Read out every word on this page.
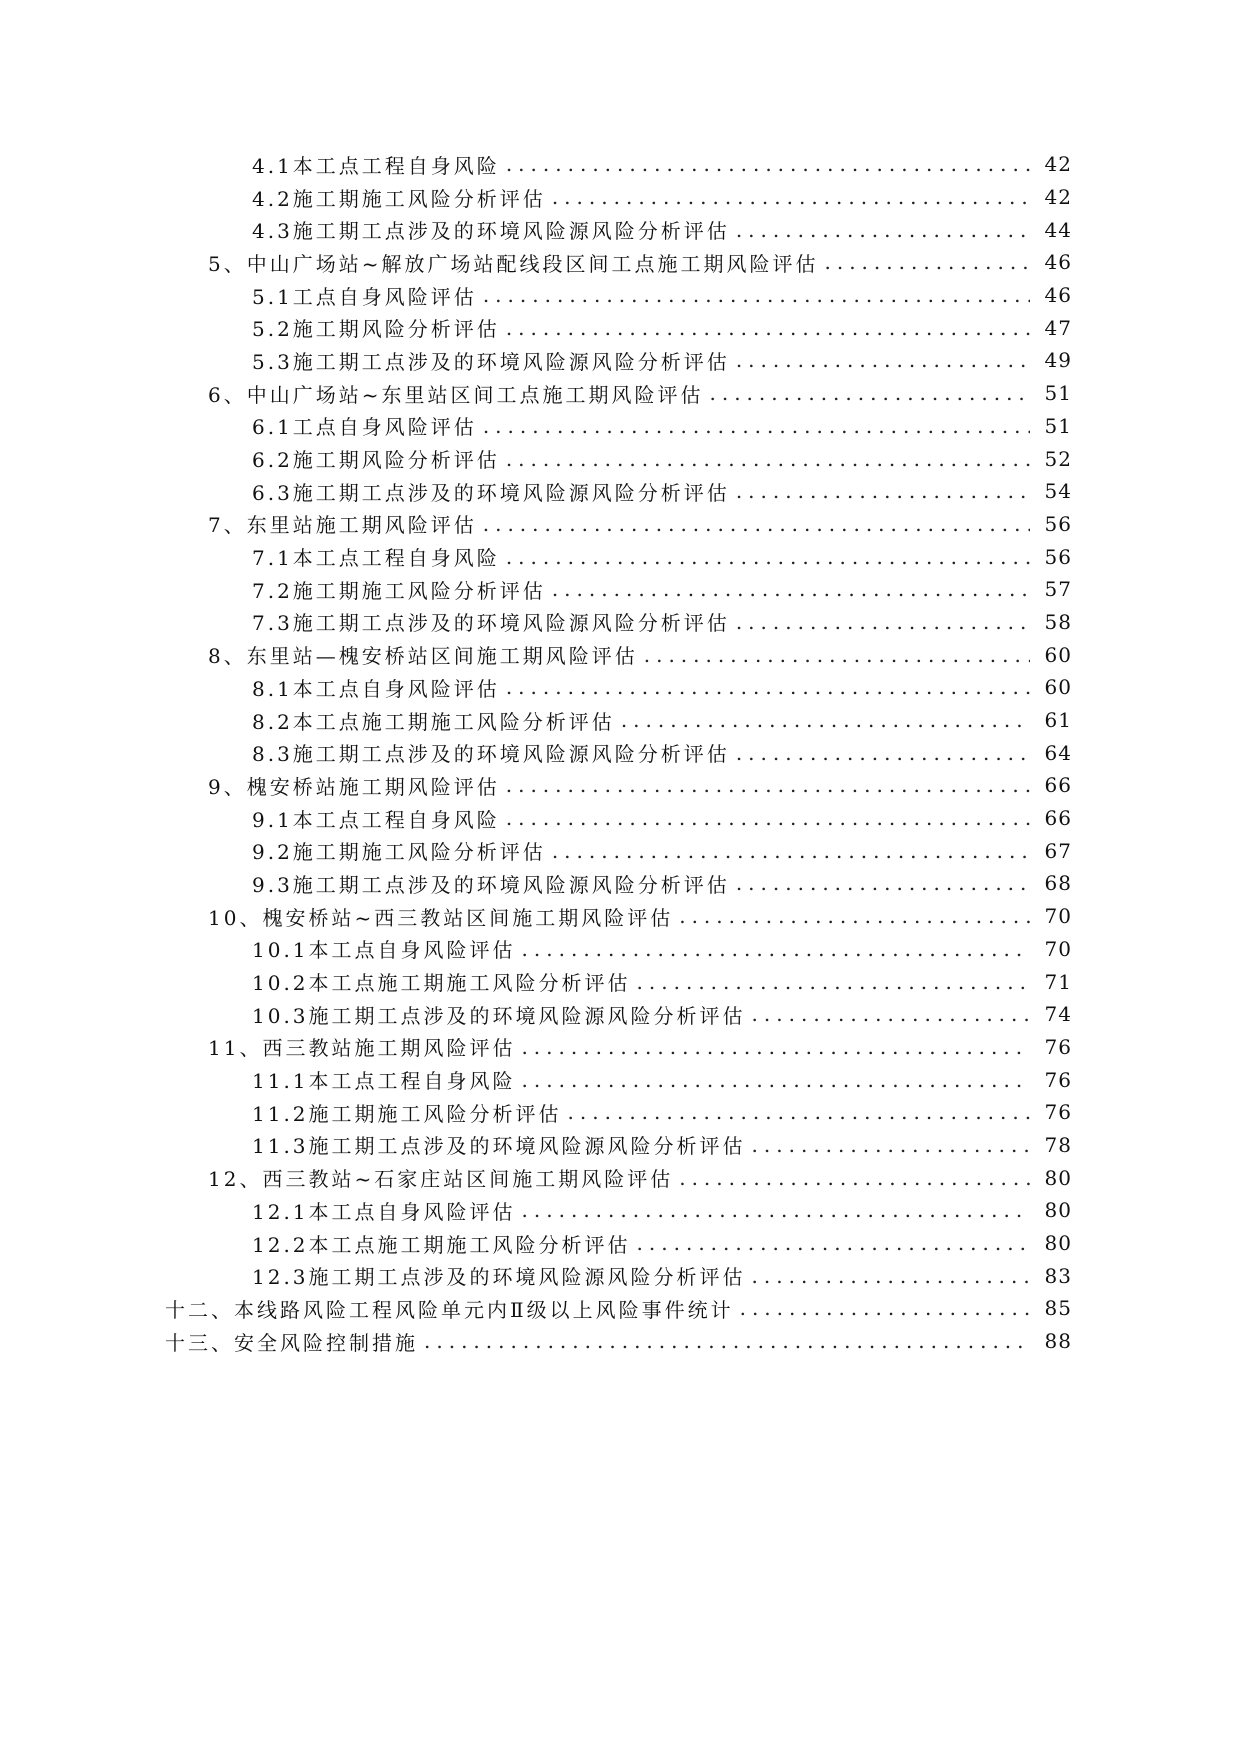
4.1本工点工程自身风险 .....	42
4.2施工期施工风险分析评估 .....	42
4.3施工期工点涉及的环境风险源风险分析评估 .....	44
5、中山广场站~解放广场站配线段区间工点施工期风险评估 .....	46
5.1工点自身风险评估 .....	46
5.2施工期风险分析评估 .....	47
5.3施工期工点涉及的环境风险源风险分析评估 .....	49
6、中山广场站~东里站区间工点施工期风险评估 .....	51
6.1工点自身风险评估 .....	51
6.2施工期风险分析评估 .....	52
6.3施工期工点涉及的环境风险源风险分析评估 .....	54
7、东里站施工期风险评估 .....	56
7.1本工点工程自身风险 .....	56
7.2施工期施工风险分析评估 .....	57
7.3施工期工点涉及的环境风险源风险分析评估 .....	58
8、东里站—槐安桥站区间施工期风险评估 .....	60
8.1本工点自身风险评估 .....	60
8.2本工点施工期施工风险分析评估 .....	61
8.3施工期工点涉及的环境风险源风险分析评估 .....	64
9、槐安桥站施工期风险评估 .....	66
9.1本工点工程自身风险 .....	66
9.2施工期施工风险分析评估 .....	67
9.3施工期工点涉及的环境风险源风险分析评估 .....	68
10、槐安桥站~西三教站区间施工期风险评估 .....	70
10.1本工点自身风险评估 .....	70
10.2本工点施工期施工风险分析评估 .....	71
10.3施工期工点涉及的环境风险源风险分析评估 .....	74
11、西三教站施工期风险评估 .....	76
11.1本工点工程自身风险 .....	76
11.2施工期施工风险分析评估 .....	76
11.3施工期工点涉及的环境风险源风险分析评估 .....	78
12、西三教站~石家庄站区间施工期风险评估 .....	80
12.1本工点自身风险评估 .....	80
12.2本工点施工期施工风险分析评估 .....	80
12.3施工期工点涉及的环境风险源风险分析评估 .....	83
十二、本线路风险工程风险单元内Ⅱ级以上风险事件统计 .....	85
十三、安全风险控制措施 .....	88
